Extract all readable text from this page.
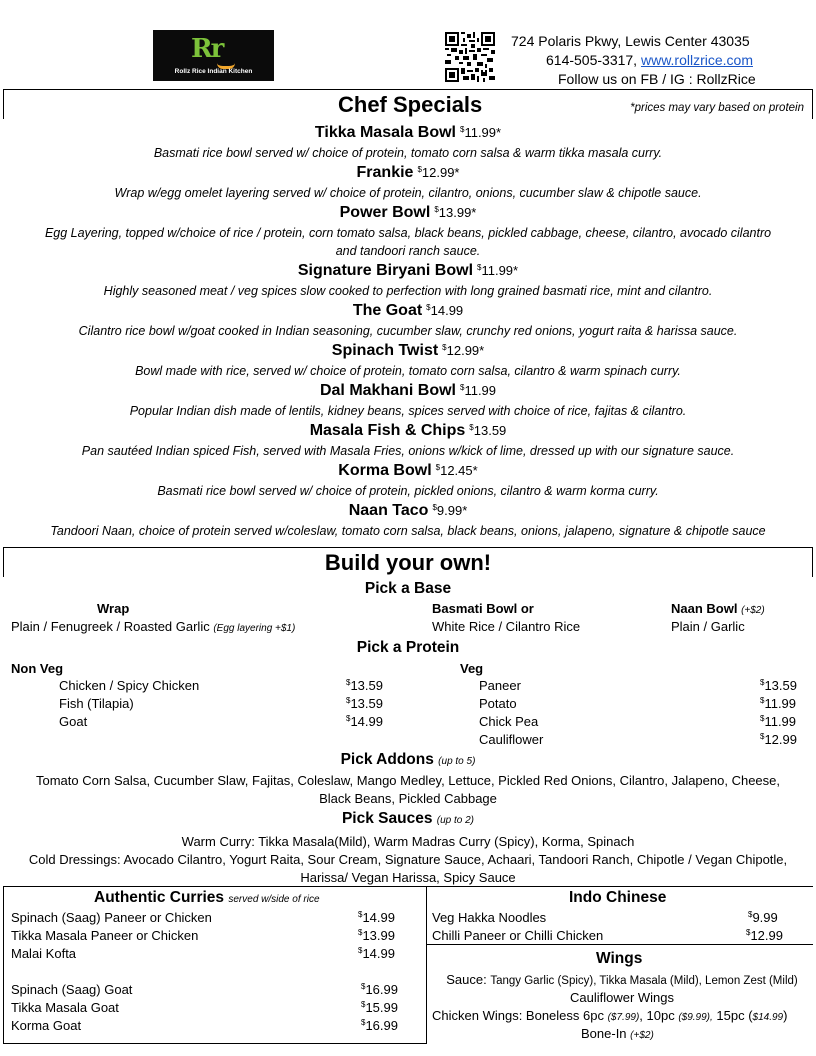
Rr
Rollz Rice Indian Kitchen
724 Polaris Pkwy, Lewis Center 43035
614-505-3317, www.rollzrice.com
Follow us on FB / IG : RollzRice
Chef Specials	*prices may vary based on protein
Tikka Masala Bowl $11.99*
Basmati rice bowl served w/ choice of protein, tomato corn salsa & warm tikka masala curry.
Frankie $12.99*
Wrap w/egg omelet layering served w/ choice of protein, cilantro, onions, cucumber slaw & chipotle sauce.
Power Bowl $13.99*
Egg Layering, topped w/choice of rice / protein, corn tomato salsa, black beans, pickled cabbage, cheese, cilantro, avocado cilantro
and tandoori ranch sauce.
Signature Biryani Bowl $11.99*
Highly seasoned meat / veg spices slow cooked to perfection with long grained basmati rice, mint and cilantro.
The Goat $14.99
Cilantro rice bowl w/goat cooked in Indian seasoning, cucumber slaw, crunchy red onions, yogurt raita & harissa sauce.
Spinach Twist $12.99*
Bowl made with rice, served w/ choice of protein, tomato corn salsa, cilantro & warm spinach curry.
Dal Makhani Bowl $11.99
Popular Indian dish made of lentils, kidney beans, spices served with choice of rice, fajitas & cilantro.
Masala Fish & Chips $13.59
Pan sautéed Indian spiced Fish, served with Masala Fries, onions w/kick of lime, dressed up with our signature sauce.
Korma Bowl $12.45*
Basmati rice bowl served w/ choice of protein, pickled onions, cilantro & warm korma curry.
Naan Taco $9.99*
Tandoori Naan, choice of protein served w/coleslaw, tomato corn salsa, black beans, onions, jalapeno, signature & chipotle sauce
Build your own!
Pick a Base
Wrap
Plain / Fenugreek / Roasted Garlic (Egg layering +$1)
Basmati Bowl or
White Rice / Cilantro Rice
Naan Bowl (+$2)
Plain / Garlic
Pick a Protein
Non Veg	Veg
Chicken / Spicy Chicken	$13.59
Fish (Tilapia)	$13.59
Goat	$14.99
Paneer	$13.59
Potato	$11.99
Chick Pea	$11.99
Cauliflower	$12.99
Pick Addons (up to 5)
Tomato Corn Salsa, Cucumber Slaw, Fajitas, Coleslaw, Mango Medley, Lettuce, Pickled Red Onions, Cilantro, Jalapeno, Cheese,
Black Beans, Pickled Cabbage
Pick Sauces (up to 2)
Warm Curry: Tikka Masala(Mild), Warm Madras Curry (Spicy), Korma, Spinach
Cold Dressings: Avocado Cilantro, Yogurt Raita, Sour Cream, Signature Sauce, Achaari, Tandoori Ranch, Chipotle / Vegan Chipotle,
Harissa/ Vegan Harissa, Spicy Sauce
Authentic Curries served w/side of rice
Spinach (Saag) Paneer or Chicken	$14.99
Tikka Masala Paneer or Chicken	$13.99
Malai Kofta	$14.99
Spinach (Saag) Goat	$16.99
Tikka Masala Goat	$15.99
Korma Goat	$16.99
Indo Chinese
Veg Hakka Noodles	$9.99
Chilli Paneer or Chilli Chicken	$12.99
Wings
Sauce: Tangy Garlic (Spicy), Tikka Masala (Mild), Lemon Zest (Mild)
Cauliflower Wings
Chicken Wings: Boneless 6pc ($7.99), 10pc ($9.99), 15pc ($14.99)
Bone-In (+$2)
